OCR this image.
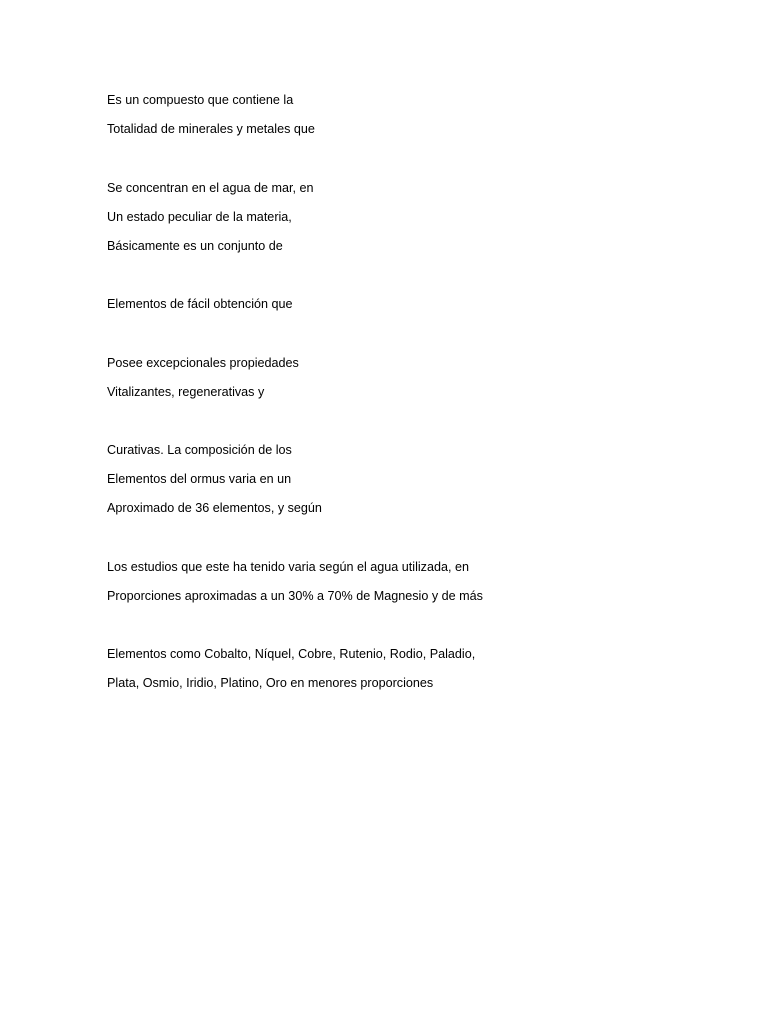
Es un compuesto que contiene la
Totalidad de minerales y metales que
Se concentran en el agua de mar, en
Un estado peculiar de la materia,
Básicamente es un conjunto de
Elementos de fácil obtención que
Posee excepcionales propiedades
Vitalizantes, regenerativas y
Curativas. La composición de los
Elementos del ormus varia en un
Aproximado de 36 elementos, y según
Los estudios que este ha tenido varia según el agua utilizada, en
Proporciones aproximadas a un 30% a 70% de Magnesio y de más
Elementos como Cobalto, Níquel, Cobre, Rutenio, Rodio, Paladio,
Plata, Osmio, Iridio, Platino, Oro en menores proporciones
